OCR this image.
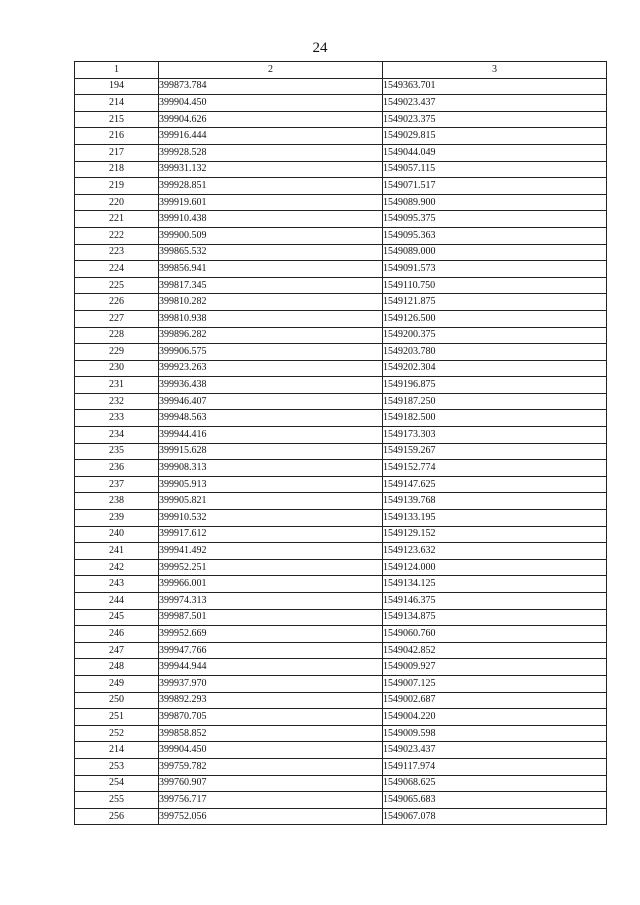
24
1	2	3
194	399873.784	1549363.701
214	399904.450	1549023.437
215	399904.626	1549023.375
216	399916.444	1549029.815
217	399928.528	1549044.049
218	399931.132	1549057.115
219	399928.851	1549071.517
220	399919.601	1549089.900
221	399910.438	1549095.375
222	399900.509	1549095.363
223	399865.532	1549089.000
224	399856.941	1549091.573
225	399817.345	1549110.750
226	399810.282	1549121.875
227	399810.938	1549126.500
228	399896.282	1549200.375
229	399906.575	1549203.780
230	399923.263	1549202.304
231	399936.438	1549196.875
232	399946.407	1549187.250
233	399948.563	1549182.500
234	399944.416	1549173.303
235	399915.628	1549159.267
236	399908.313	1549152.774
237	399905.913	1549147.625
238	399905.821	1549139.768
239	399910.532	1549133.195
240	399917.612	1549129.152
241	399941.492	1549123.632
242	399952.251	1549124.000
243	399966.001	1549134.125
244	399974.313	1549146.375
245	399987.501	1549134.875
246	399952.669	1549060.760
247	399947.766	1549042.852
248	399944.944	1549009.927
249	399937.970	1549007.125
250	399892.293	1549002.687
251	399870.705	1549004.220
252	399858.852	1549009.598
214	399904.450	1549023.437
253	399759.782	1549117.974
254	399760.907	1549068.625
255	399756.717	1549065.683
256	399752.056	1549067.078
